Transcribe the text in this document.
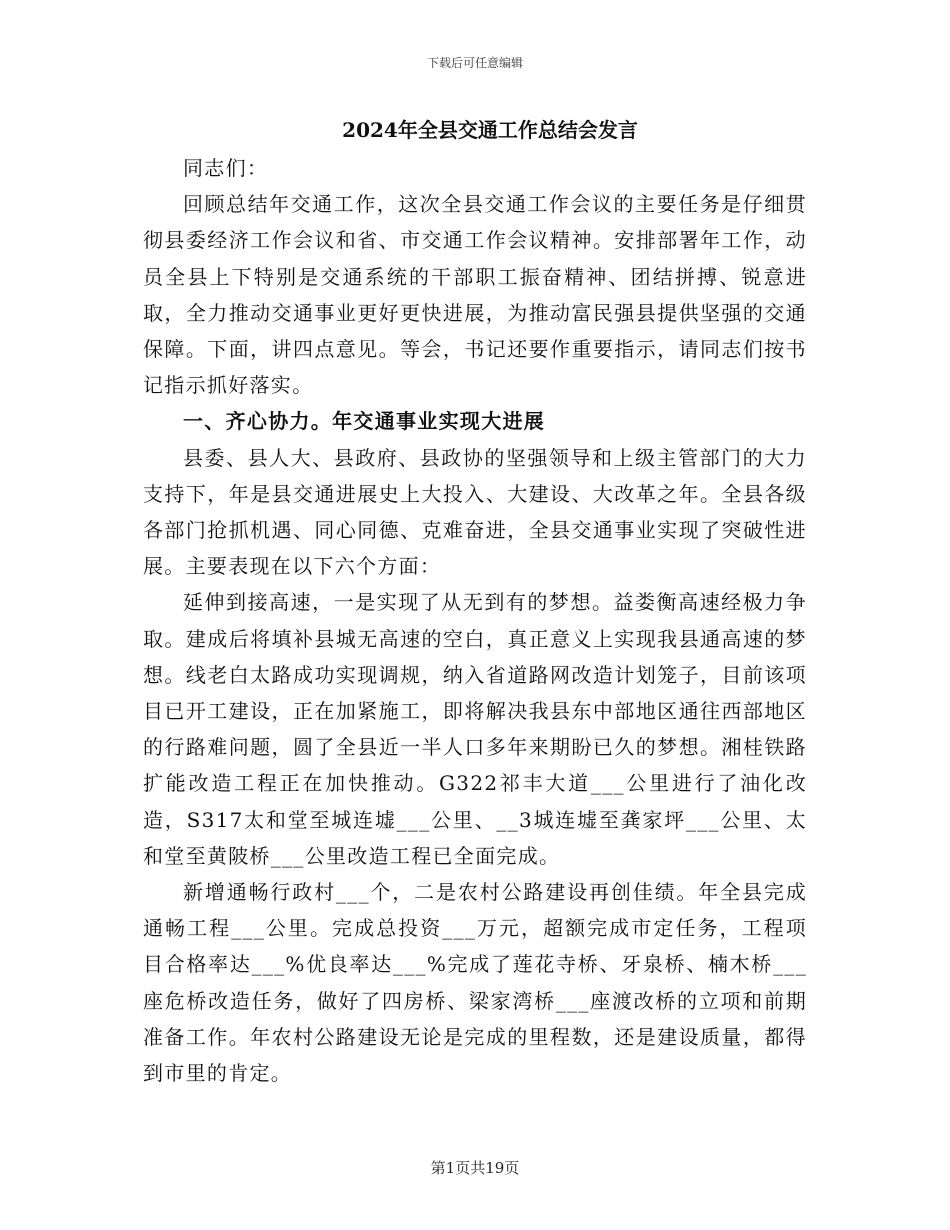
下载后可任意编辑
2024年全县交通工作总结会发言

同志们：

回顾总结年交通工作，这次全县交通工作会议的主要任务是仔细贯彻县委经济工作会议和省、市交通工作会议精神。安排部署年工作，动员全县上下特别是交通系统的干部职工振奋精神、团结拼搏、锐意进取，全力推动交通事业更好更快进展，为推动富民强县提供坚强的交通保障。下面，讲四点意见。等会，书记还要作重要指示，请同志们按书记指示抓好落实。

一、齐心协力。年交通事业实现大进展

县委、县人大、县政府、县政协的坚强领导和上级主管部门的大力支持下，年是县交通进展史上大投入、大建设、大改革之年。全县各级各部门抢抓机遇、同心同德、克难奋进，全县交通事业实现了突破性进展。主要表现在以下六个方面：

延伸到接高速，一是实现了从无到有的梦想。益娄衡高速经极力争取。建成后将填补县城无高速的空白，真正意义上实现我县通高速的梦想。线老白太路成功实现调规，纳入省道路网改造计划笼子，目前该项目已开工建设，正在加紧施工，即将解决我县东中部地区通往西部地区的行路难问题，圆了全县近一半人口多年来期盼已久的梦想。湘桂铁路扩能改造工程正在加快推动。G322祁丰大道___公里进行了油化改造，S317太和堂至城连墟___公里、__3城连墟至龚家坪___公里、太和堂至黄陂桥___公里改造工程已全面完成。

新增通畅行政村___个，二是农村公路建设再创佳绩。年全县完成通畅工程___公里。完成总投资___万元，超额完成市定任务，工程项目合格率达___%优良率达___%完成了莲花寺桥、牙泉桥、楠木桥___座危桥改造任务，做好了四房桥、梁家湾桥___座渡改桥的立项和前期准备工作。年农村公路建设无论是完成的里程数，还是建设质量，都得到市里的肯定。

第1页共19页
